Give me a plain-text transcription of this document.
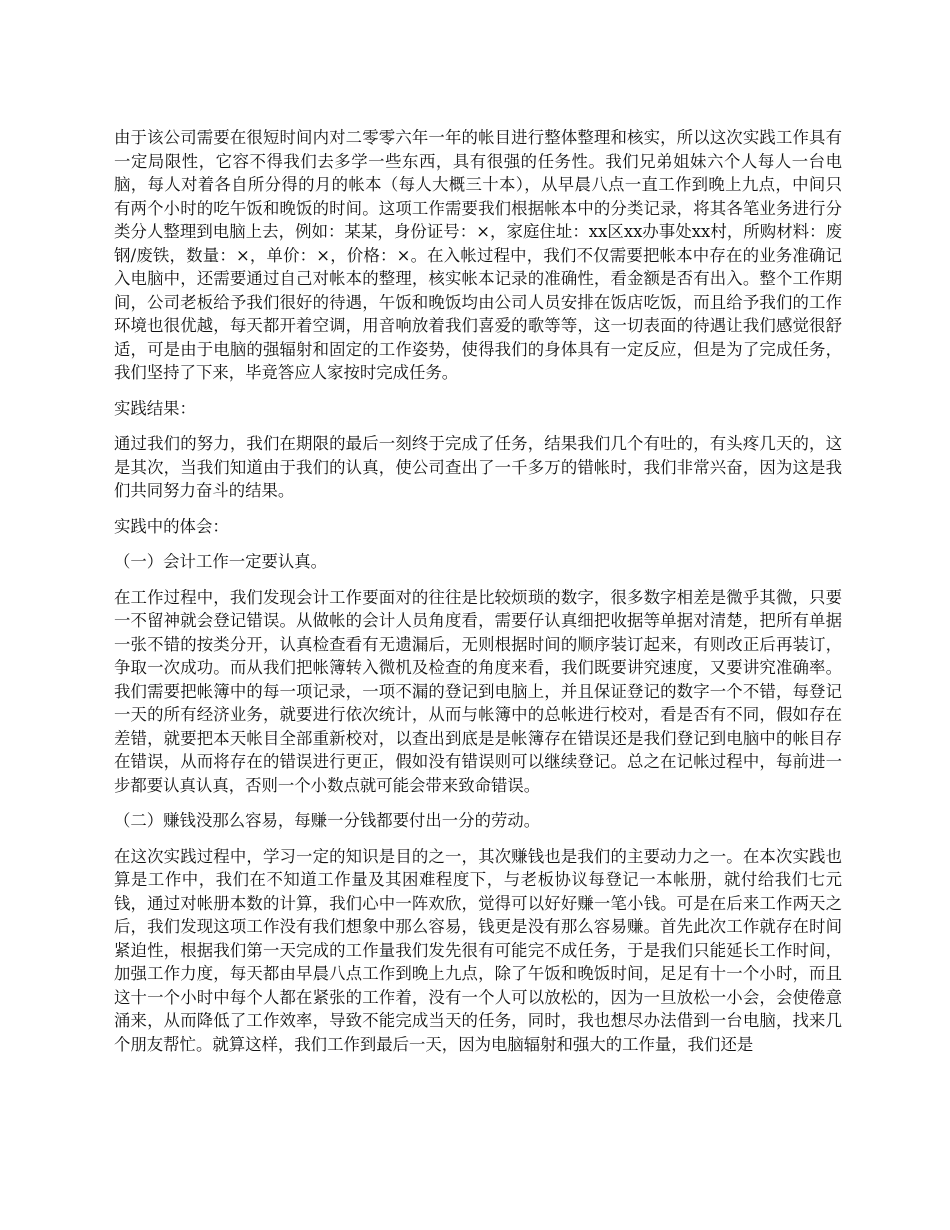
由于该公司需要在很短时间内对二零零六年一年的帐目进行整体整理和核实，所以这次实践工作具有一定局限性，它容不得我们去多学一些东西，具有很强的任务性。我们兄弟姐妹六个人每人一台电脑，每人对着各自所分得的月的帐本（每人大概三十本），从早晨八点一直工作到晚上九点，中间只有两个小时的吃午饭和晚饭的时间。这项工作需要我们根据帐本中的分类记录，将其各笔业务进行分类分人整理到电脑上去，例如：某某，身份证号：×，家庭住址：xx区xx办事处xx村，所购材料：废钢/废铁，数量：×，单价：×，价格：×。在入帐过程中，我们不仅需要把帐本中存在的业务准确记入电脑中，还需要通过自己对帐本的整理，核实帐本记录的准确性，看金额是否有出入。整个工作期间，公司老板给予我们很好的待遇，午饭和晚饭均由公司人员安排在饭店吃饭，而且给予我们的工作环境也很优越，每天都开着空调，用音响放着我们喜爱的歌等等，这一切表面的待遇让我们感觉很舒适，可是由于电脑的强辐射和固定的工作姿势，使得我们的身体具有一定反应，但是为了完成任务，我们坚持了下来，毕竟答应人家按时完成任务。

实践结果：

通过我们的努力，我们在期限的最后一刻终于完成了任务，结果我们几个有吐的，有头疼几天的，这是其次，当我们知道由于我们的认真，使公司查出了一千多万的错帐时，我们非常兴奋，因为这是我们共同努力奋斗的结果。

实践中的体会：

（一）会计工作一定要认真。

在工作过程中，我们发现会计工作要面对的往往是比较烦琐的数字，很多数字相差是微乎其微，只要一不留神就会登记错误。从做帐的会计人员角度看，需要仔认真细把收据等单据对清楚，把所有单据一张不错的按类分开，认真检查看有无遗漏后，无则根据时间的顺序装订起来，有则改正后再装订，争取一次成功。而从我们把帐簿转入微机及检查的角度来看，我们既要讲究速度，又要讲究准确率。我们需要把帐簿中的每一项记录，一项不漏的登记到电脑上，并且保证登记的数字一个不错，每登记一天的所有经济业务，就要进行依次统计，从而与帐簿中的总帐进行校对，看是否有不同，假如存在差错，就要把本天帐目全部重新校对，以查出到底是是帐簿存在错误还是我们登记到电脑中的帐目存在错误，从而将存在的错误进行更正，假如没有错误则可以继续登记。总之在记帐过程中，每前进一步都要认真认真，否则一个小数点就可能会带来致命错误。

（二）赚钱没那么容易，每赚一分钱都要付出一分的劳动。

在这次实践过程中，学习一定的知识是目的之一，其次赚钱也是我们的主要动力之一。在本次实践也算是工作中，我们在不知道工作量及其困难程度下，与老板协议每登记一本帐册，就付给我们七元钱，通过对帐册本数的计算，我们心中一阵欢欣，觉得可以好好赚一笔小钱。可是在后来工作两天之后，我们发现这项工作没有我们想象中那么容易，钱更是没有那么容易赚。首先此次工作就存在时间紧迫性，根据我们第一天完成的工作量我们发先很有可能完不成任务，于是我们只能延长工作时间，加强工作力度，每天都由早晨八点工作到晚上九点，除了午饭和晚饭时间，足足有十一个小时，而且这十一个小时中每个人都在紧张的工作着，没有一个人可以放松的，因为一旦放松一小会，会使倦意涌来，从而降低了工作效率，导致不能完成当天的任务，同时，我也想尽办法借到一台电脑，找来几个朋友帮忙。就算这样，我们工作到最后一天，因为电脑辐射和强大的工作量，我们还是
